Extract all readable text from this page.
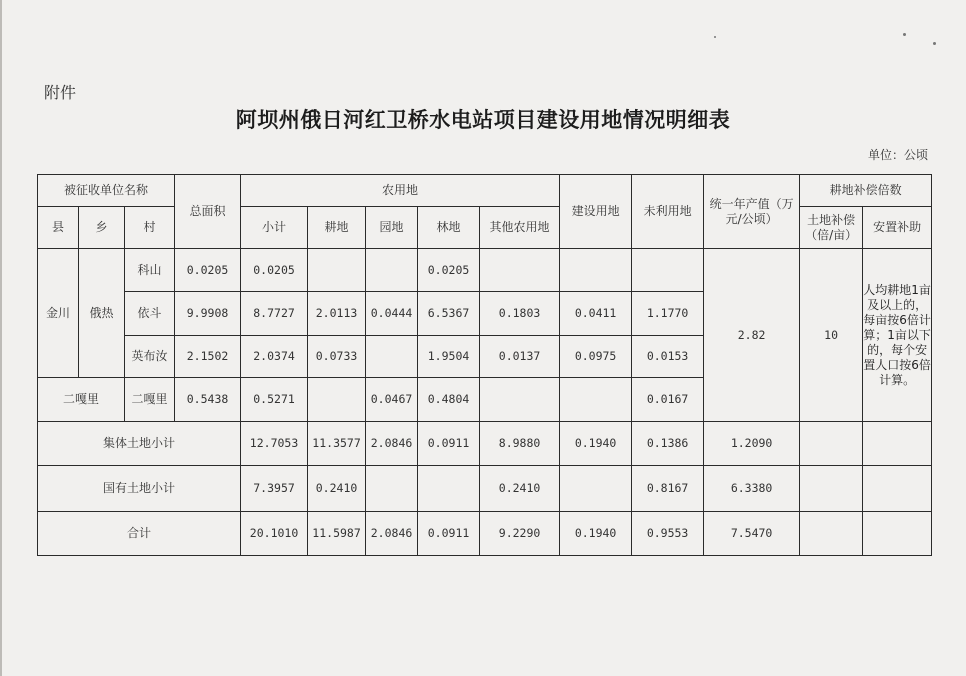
附件
阿坝州俄日河红卫桥水电站项目建设用地情况明细表
单位：公顷
被征收单位名称			总面积	农用地					建设用地	未利用地	统一年产值（万元/公顷）	耕地补偿倍数		
县	乡	村		小计	耕地	园地	林地	其他农用地				土地补偿（倍/亩）	安置补助	
金川	俄热	科山	0.0205	0.0205			0.0205				2.82	10	人均耕地1亩及以上的，每亩按6倍计算；1亩以下的，每个安置人口按6倍计算。	
		依斗	9.9908	8.7727	2.0113	0.0444	6.5367	0.1803	0.0411	1.1770				
		英布汝	2.1502	2.0374	0.0733		1.9504	0.0137	0.0975	0.0153				
二嘎里		二嘎里	0.5438	0.5271		0.0467	0.4804			0.0167				
集体土地小计				12.7053	11.3577	2.0846	0.0911	8.9880	0.1940	0.1386	1.2090			
国有土地小计				7.3957	0.2410			0.2410		0.8167	6.3380			
合计				20.1010	11.5987	2.0846	0.0911	9.2290	0.1940	0.9553	7.5470			
